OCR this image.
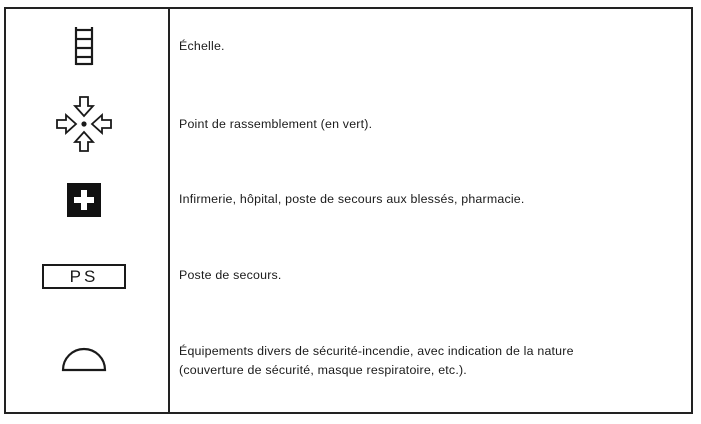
Échelle.
Point de rassemblement (en vert).
Infirmerie, hôpital, poste de secours aux blessés, pharmacie.
PS	Poste de secours.
Équipements divers de sécurité-incendie, avec indication de la nature
(couverture de sécurité, masque respiratoire, etc.).
